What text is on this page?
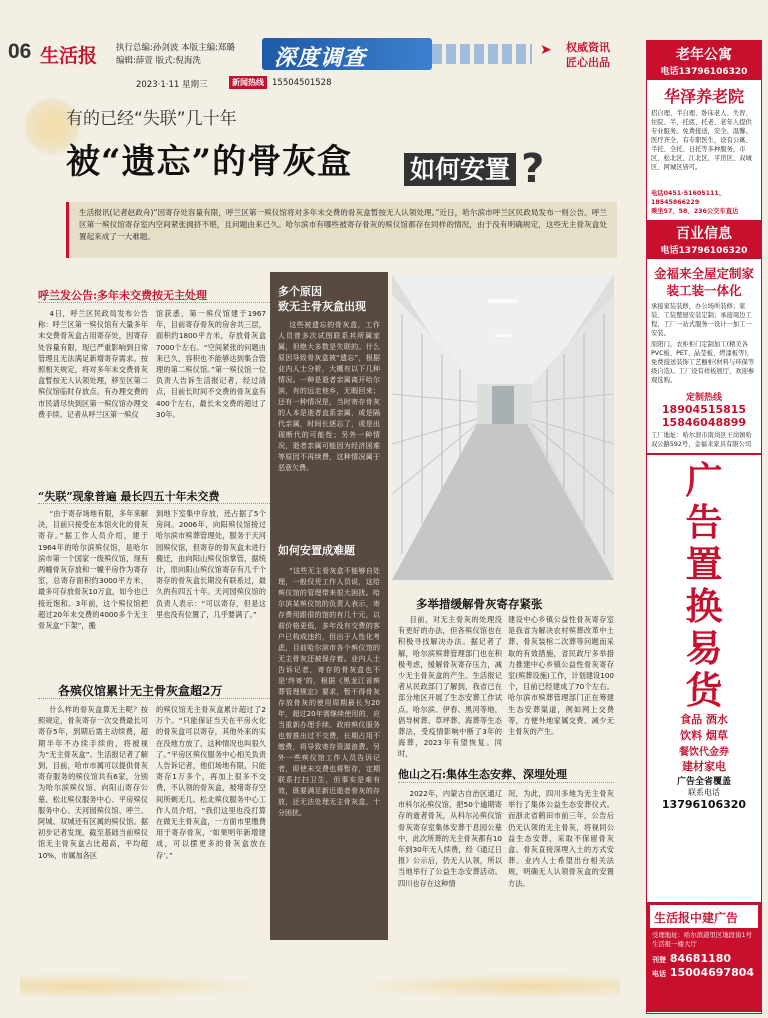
06 生活报 执行总编:孙剑波 本版主编:郑璐
编辑:薛萱 版式:倪海洗	深度调查	➤ 权威资讯
匠心出品
2023·1·11 星期三	新闻热线 15504501528
有的已经“失联”几十年
被“遗忘”的骨灰盒 如何安置 ?
生活报讯(记者赵政舟)“因寄存处容量有限，呼兰区第一殡仪馆将对多年未交费的骨灰盒暂按无人认领处理。”近日，哈尔滨市呼兰区民政局发布一则公告。呼兰区第一殡仪馆寄存室内空间紧张拥挤不堪，且问题由来已久。哈尔滨市有哪些被寄存骨灰的殡仪馆都存在同样的情况，由于没有明确规定，这些无主骨灰盒处置起来成了一大难题。
呼兰发公告:多年未交费按无主处理

4日，呼兰区民政局发布公告称：呼兰区第一殡仪馆有大量多年未交费骨灰盒占用寄存处，因寄存处容量有限，现已严重影响到日常管理且无法满足新增寄存需求。按照相关规定，将对多年未交费骨灰盒暂按无人认领处理，移至区第二殡仪馆临时存放点。有办理交费的市民请尽快到区第一殡仪馆办理交费手续。记者从呼兰区第一殡仪

馆获悉，第一殡仪馆建于1967年，目前寄存骨灰的房舍共三层，面积约1800平方米，存放骨灰盒7000个左右。“空间紧张的问题由来已久，容积也不能够达到集合管理的第二殡仪馆。”第一殡仪馆一位负责人告诉生活报记者，经过清点，目前长时间不交费的骨灰盒有400个左右，最长未交费的超过了30年。

“失联”现象普遍 最长四五十年未交费

“由于寄存场地有限，多年来解决，目前只接受在本馆火化的骨灰寄存。”据工作人员介绍，建于1964年的哈尔滨殡仪馆，是哈尔滨市第一个国家一级殡仪馆，现有两幢骨灰存放和一幢平房作为寄存室，总寄存面积约3000平方米，最多可存放骨灰10万盒，如今也已接近饱和。3年前，这个殡仪馆把超过20年未交费的4000多个无主骨灰盒“下架”，搬

到地下室集中存放，还占据了5个房间。2006年，向阳殡仪馆接过哈尔滨市殡葬管理处，服务于天河园殡仪馆，但寄存的骨灰盒未进行搬迁，由向阳山殡仪馆掌管，据统计，原向阳山殡仪馆寄存有几千个寄存的骨灰盒长期没有联系过，最久的有四五十年。天河园殡仪馆的负责人表示：“可以寄存，但是这里也没有位置了，几乎要满了。”

各殡仪馆累计无主骨灰盒超2万

什么样的骨灰盒算无主呢？按照规定，骨灰寄存一次交费最长可寄存5年，到期后需主动续费，超期半年不办续手续的，将被视为“无主骨灰盒”。生活报记者了解到，目前，哈市市属可以提供骨灰寄存服务的殡仪馆共有6家，分别为哈尔滨殡仪馆、向阳山寄存公墓、松北殡仪服务中心、平房殡仪服务中心、天河园殡仪馆、呼兰、阿城、双城还有区属的殡仪馆。据初步记者发现，截至基础当前殡仪馆无主骨灰盒占比超高，平均超10%，市属加各区

的殡仪馆无主骨灰盒累计超过了2万个。“只能保证当天在平房火化的骨灰盒可以寄存，其他外来的实在没地方放了，这种情况也叫很久了。”平房区殡仪服务中心相关负责人告诉记者，他们场地有限，只能寄存1万多个，再加上很多不交费，不认领的骨灰盒，被堵寄存空间所剩无几。松北殡仪服务中心工作人员介绍，“我们这里也没打算在做无主骨灰盒，一方面市里缴费用于寄存骨灰，‘如果明年新增建成，可以摆更多的骨灰盒放在存’。”

多个原因
致无主骨灰盒出现
这些被遗忘的骨灰盒，工作人员曾多次试图联系其所属家属，但绝大多数是失联的。什么原因导致骨灰盒被“遗忘”，根据业内人士分析，大概有以下几种情况。一种是逝者亲属离开哈尔滨，有的远走他乡，无暇回来；还有一种情况是，当时寄存骨灰的人本是逝者直系亲属，或是隔代亲属，时间长逐忘了，或是出现断代的可能性；另外一种情况，逝者亲属可能因为经济困难等原因不再续费，这种情况属于恶意欠费。
如何安置成难题
“这些无主骨灰盒不能够自处理，一般仅凭工作人员说，这给殡仪馆的管理带来很大困扰。哈尔滨某殡仪馆的负责人表示，寄存费用跟很的馆的有几十元，以前价格更低，多年没有交费的客户已构成违约，但出于人性化考虑，目前哈尔滨市各个殡仪馆的无主骨灰还被保存着。业内人士告诉记者，寄存的骨灰盒也不是‘终寄’的，根据《黑龙江省殡葬管理规定》要求，暂不得骨灰存放骨灰的使用周期最长为20年，超过20年需继续使用的，应当重新办理手续。政府殡仪服务也曾推出过不交费，长期占用不缴费，将导致寄存资源浪费。另外一些殡仪馆工作人员告诉记者，即使未交费也将暂存，定期联系打扫卫生，但事实是难有效，既要满足新近逝者骨灰的存放，还无法处理无主骨灰盒，十分困扰。
多举措缓解骨灰寄存紧张

目前，对无主骨灰的处理没有更好的办法，但各殡仪馆也在积极寻找解决办法。据记者了解，哈尔滨殡葬管理部门也在积极考虑，缓解骨灰寄存压力，减少无主骨灰盒的产生。生活报记者从民政部门了解到，我省已在部分地区开展了生态安葬工作试点。哈尔滨、伊春、黑河等地，倡导树葬、草坪葬、海葬等生态葬法，受疫情影响中断了3年的海葬，2023年有望恢复。同时，

建设中心乡镇公益性骨灰寄存室是我省为解决农村殡葬改革中土葬、骨灰装棺二次葬等问题而采取的有效措施，省民政厅多举措力推建中心乡镇公益性骨灰寄存室(殡葬设施)工作，计划建设100个，目前已经建成了70个左右。哈尔滨市殡葬管理部门正在筹建生态安葬渠道，例如网上交费等，方便外地家属交费，减少无主骨灰的产生。

他山之石:集体生态安葬、深埋处理

2022年，内蒙古自治区通辽市科尔沁殡仪馆，把50个逾期寄存的逝者骨灰，从科尔沁殡仪馆骨灰寄存室集体安葬于息园公墓中，此次所葬的无主骨灰都有10年到30年无人续费，经《通辽日报》公示后，仍无人认领，所以当地举行了公益生态安葬活动。四川也存在这种情

况，为此，四川多地为无主骨灰举行了集体公益生态安葬仪式。而浙北省鹤田市前三年，公告后仍无认领的无主骨灰，将视同公益生态安葬，采取不保留骨灰盒、骨灰直接深埋入土的方式安葬。业内人士希望出台相关法规，明确无人认领骨灰盒的安置方法。

老年公寓
电话13796106320
华泽养老院
招自理、半自理、卧床老人、失智、住院、半、托底、托老、老年人提供专业服务。免费接送，安全、温馨。医疗齐全、有专职医生，设有公寓、半托、全托、日托等多种服务，市区、松北区、江北区、平房区、双城区、阿城区皆可。
电话0451-51605111、18545866229
乘坐57、58、236公交车直达
百业信息
电话13796106320
金福来全屋定制家装工装一体化
承接家装装修，办公场所装修；家装、工装整屋安装定制；承接周边工程，工厂一站式服务一设计一加工一安装。
原阳门，衣柜柜门定制加工(精美各PVC板、PET、晶莹板、烤漆板等)，免费接送装饰工艺橱柜(材料与环保等级自选)。工厂设有样板展厅，欢迎参观选购。
定制热线
18904515815
15846048899
工厂地址：哈尔滨市南岗区王岗镇哈双公路592号，金福来家具有限公司
广
告
置
换
易
货
食品 酒水
饮料 烟草
餐饮代金券
建材家电
广告全省覆盖
联系电话
13796106320
生活报中建广告
受理地址：哈尔滨道里区地段街1号生活报一楼大厅
刊登 84681180
电话 15004697804
